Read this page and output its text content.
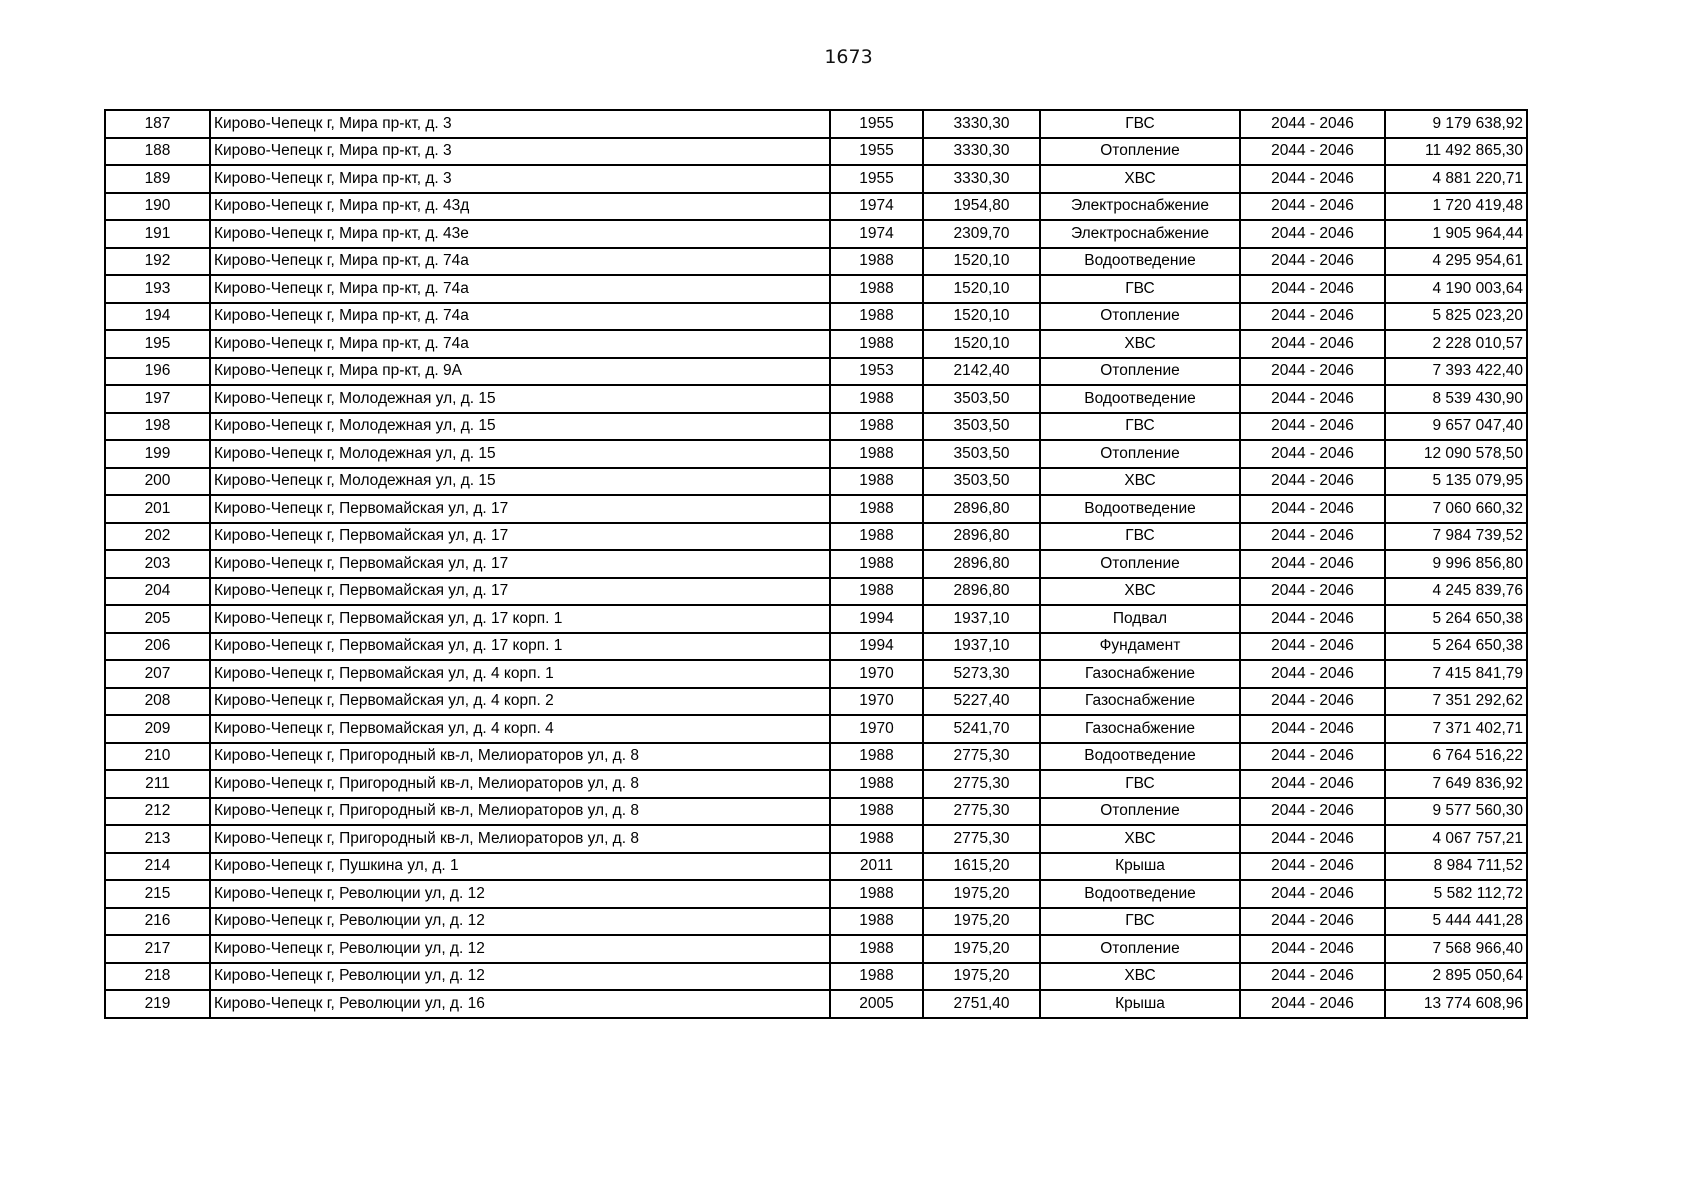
1673
187	Кирово-Чепецк г, Мира пр-кт, д. 3	1955	3330,30	ГВС	2044 - 2046	9 179 638,92
188	Кирово-Чепецк г, Мира пр-кт, д. 3	1955	3330,30	Отопление	2044 - 2046	11 492 865,30
189	Кирово-Чепецк г, Мира пр-кт, д. 3	1955	3330,30	ХВС	2044 - 2046	4 881 220,71
190	Кирово-Чепецк г, Мира пр-кт, д. 43д	1974	1954,80	Электроснабжение	2044 - 2046	1 720 419,48
191	Кирово-Чепецк г, Мира пр-кт, д. 43е	1974	2309,70	Электроснабжение	2044 - 2046	1 905 964,44
192	Кирово-Чепецк г, Мира пр-кт, д. 74а	1988	1520,10	Водоотведение	2044 - 2046	4 295 954,61
193	Кирово-Чепецк г, Мира пр-кт, д. 74а	1988	1520,10	ГВС	2044 - 2046	4 190 003,64
194	Кирово-Чепецк г, Мира пр-кт, д. 74а	1988	1520,10	Отопление	2044 - 2046	5 825 023,20
195	Кирово-Чепецк г, Мира пр-кт, д. 74а	1988	1520,10	ХВС	2044 - 2046	2 228 010,57
196	Кирово-Чепецк г, Мира пр-кт, д. 9А	1953	2142,40	Отопление	2044 - 2046	7 393 422,40
197	Кирово-Чепецк г, Молодежная ул, д. 15	1988	3503,50	Водоотведение	2044 - 2046	8 539 430,90
198	Кирово-Чепецк г, Молодежная ул, д. 15	1988	3503,50	ГВС	2044 - 2046	9 657 047,40
199	Кирово-Чепецк г, Молодежная ул, д. 15	1988	3503,50	Отопление	2044 - 2046	12 090 578,50
200	Кирово-Чепецк г, Молодежная ул, д. 15	1988	3503,50	ХВС	2044 - 2046	5 135 079,95
201	Кирово-Чепецк г, Первомайская ул, д. 17	1988	2896,80	Водоотведение	2044 - 2046	7 060 660,32
202	Кирово-Чепецк г, Первомайская ул, д. 17	1988	2896,80	ГВС	2044 - 2046	7 984 739,52
203	Кирово-Чепецк г, Первомайская ул, д. 17	1988	2896,80	Отопление	2044 - 2046	9 996 856,80
204	Кирово-Чепецк г, Первомайская ул, д. 17	1988	2896,80	ХВС	2044 - 2046	4 245 839,76
205	Кирово-Чепецк г, Первомайская ул, д. 17 корп. 1	1994	1937,10	Подвал	2044 - 2046	5 264 650,38
206	Кирово-Чепецк г, Первомайская ул, д. 17 корп. 1	1994	1937,10	Фундамент	2044 - 2046	5 264 650,38
207	Кирово-Чепецк г, Первомайская ул, д. 4 корп. 1	1970	5273,30	Газоснабжение	2044 - 2046	7 415 841,79
208	Кирово-Чепецк г, Первомайская ул, д. 4 корп. 2	1970	5227,40	Газоснабжение	2044 - 2046	7 351 292,62
209	Кирово-Чепецк г, Первомайская ул, д. 4 корп. 4	1970	5241,70	Газоснабжение	2044 - 2046	7 371 402,71
210	Кирово-Чепецк г, Пригородный кв-л, Мелиораторов ул, д. 8	1988	2775,30	Водоотведение	2044 - 2046	6 764 516,22
211	Кирово-Чепецк г, Пригородный кв-л, Мелиораторов ул, д. 8	1988	2775,30	ГВС	2044 - 2046	7 649 836,92
212	Кирово-Чепецк г, Пригородный кв-л, Мелиораторов ул, д. 8	1988	2775,30	Отопление	2044 - 2046	9 577 560,30
213	Кирово-Чепецк г, Пригородный кв-л, Мелиораторов ул, д. 8	1988	2775,30	ХВС	2044 - 2046	4 067 757,21
214	Кирово-Чепецк г, Пушкина ул, д. 1	2011	1615,20	Крыша	2044 - 2046	8 984 711,52
215	Кирово-Чепецк г, Революции ул, д. 12	1988	1975,20	Водоотведение	2044 - 2046	5 582 112,72
216	Кирово-Чепецк г, Революции ул, д. 12	1988	1975,20	ГВС	2044 - 2046	5 444 441,28
217	Кирово-Чепецк г, Революции ул, д. 12	1988	1975,20	Отопление	2044 - 2046	7 568 966,40
218	Кирово-Чепецк г, Революции ул, д. 12	1988	1975,20	ХВС	2044 - 2046	2 895 050,64
219	Кирово-Чепецк г, Революции ул, д. 16	2005	2751,40	Крыша	2044 - 2046	13 774 608,96
